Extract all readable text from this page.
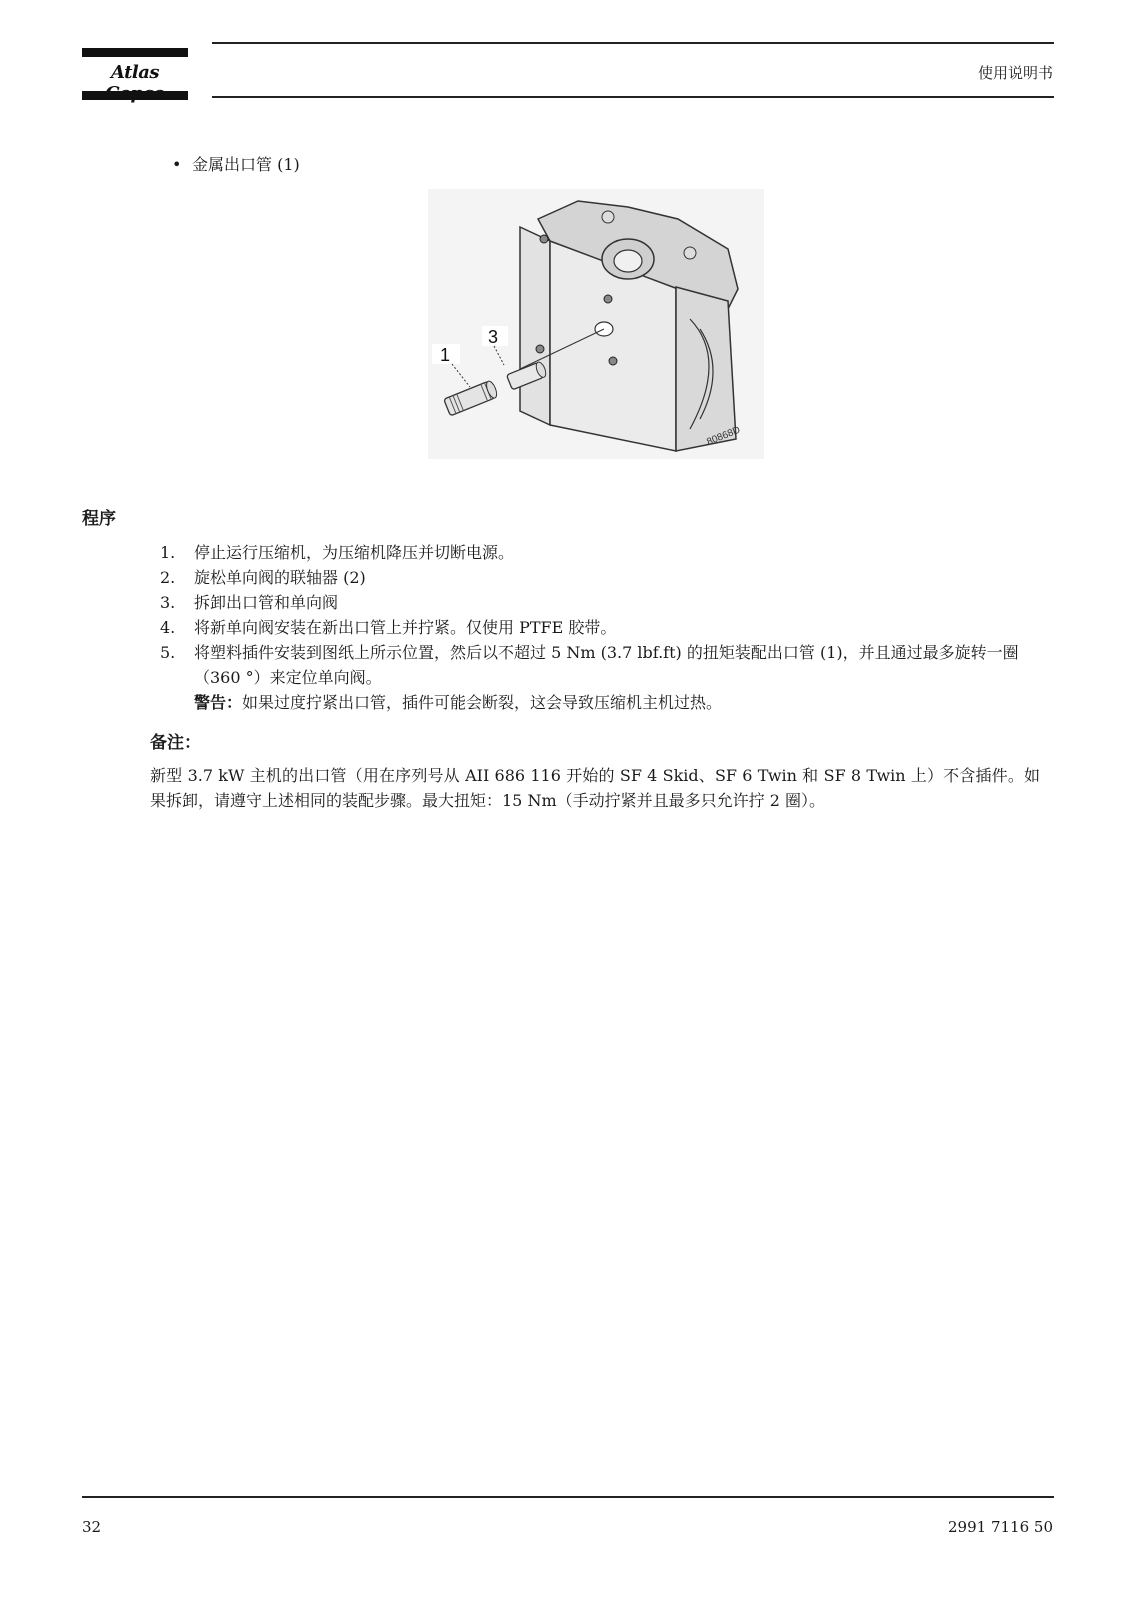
Atlas	使用说明书
• 金属出口管 (1)
1
3
80868D
程序
1.	停止运行压缩机，为压缩机降压并切断电源。
2.	旋松单向阀的联轴器 (2)
3.	拆卸出口管和单向阀
4.	将新单向阀安装在新出口管上并拧紧。仅使用 PTFE 胶带。
5.	将塑料插件安装到图纸上所示位置，然后以不超过 5 Nm (3.7 lbf.ft) 的扭矩装配出口管 (1)，并且通过最多旋转一圈（360 °）来定位单向阀。
警告：如果过度拧紧出口管，插件可能会断裂，这会导致压缩机主机过热。
备注：
新型 3.7 kW 主机的出口管（用在序列号从 AII 686 116 开始的 SF 4 Skid、SF 6 Twin 和 SF 8 Twin 上）不含插件。如果拆卸，请遵守上述相同的装配步骤。最大扭矩：15 Nm（手动拧紧并且最多只允许拧 2 圈）。
32	2991 7116 50
